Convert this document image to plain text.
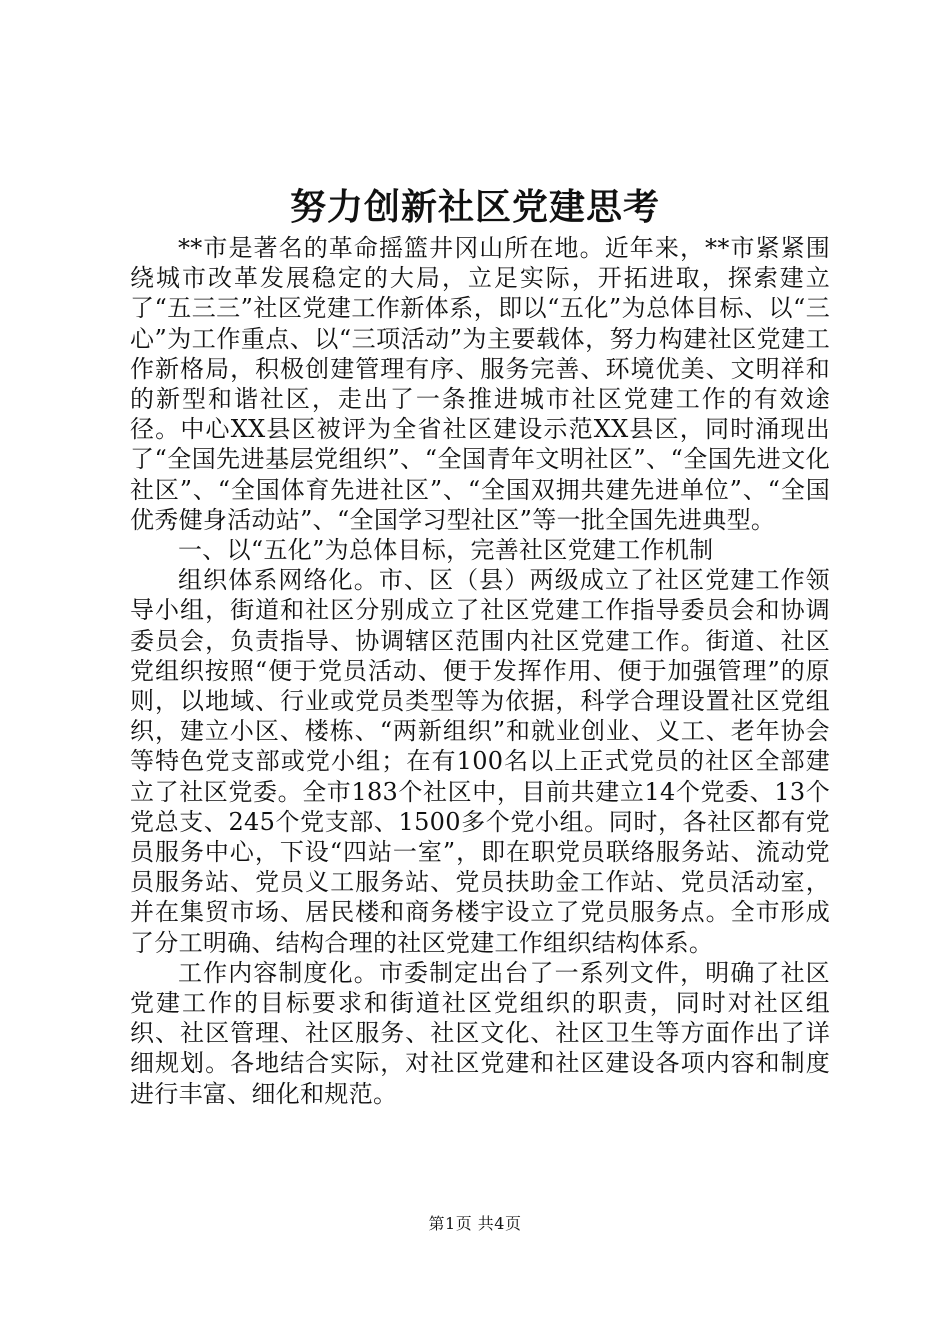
努力创新社区党建思考

**市是著名的革命摇篮井冈山所在地。近年来，**市紧紧围绕城市改革发展稳定的大局，立足实际，开拓进取，探索建立了“五三三”社区党建工作新体系，即以“五化”为总体目标、以“三心”为工作重点、以“三项活动”为主要载体，努力构建社区党建工作新格局，积极创建管理有序、服务完善、环境优美、文明祥和的新型和谐社区，走出了一条推进城市社区党建工作的有效途径。中心XX县区被评为全省社区建设示范XX县区，同时涌现出了“全国先进基层党组织”、“全国青年文明社区”、“全国先进文化社区”、“全国体育先进社区”、“全国双拥共建先进单位”、“全国优秀健身活动站”、“全国学习型社区”等一批全国先进典型。

一、以“五化”为总体目标，完善社区党建工作机制

组织体系网络化。市、区（县）两级成立了社区党建工作领导小组，街道和社区分别成立了社区党建工作指导委员会和协调委员会，负责指导、协调辖区范围内社区党建工作。街道、社区党组织按照“便于党员活动、便于发挥作用、便于加强管理”的原则，以地域、行业或党员类型等为依据，科学合理设置社区党组织，建立小区、楼栋、“两新组织”和就业创业、义工、老年协会等特色党支部或党小组；在有100名以上正式党员的社区全部建立了社区党委。全市183个社区中，目前共建立14个党委、13个党总支、245个党支部、1500多个党小组。同时，各社区都有党员服务中心，下设“四站一室”，即在职党员联络服务站、流动党员服务站、党员义工服务站、党员扶助金工作站、党员活动室，并在集贸市场、居民楼和商务楼宇设立了党员服务点。全市形成了分工明确、结构合理的社区党建工作组织结构体系。

工作内容制度化。市委制定出台了一系列文件，明确了社区党建工作的目标要求和街道社区党组织的职责，同时对社区组织、社区管理、社区服务、社区文化、社区卫生等方面作出了详细规划。各地结合实际，对社区党建和社区建设各项内容和制度进行丰富、细化和规范。

第1页 共4页
